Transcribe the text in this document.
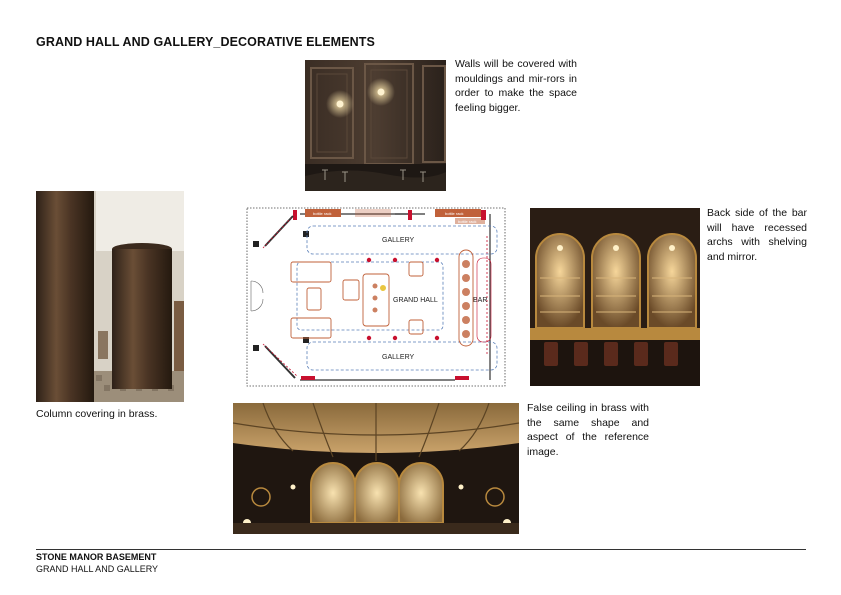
GRAND HALL AND GALLERY_DECORATIVE ELEMENTS
Walls will be covered with mouldings and mir-rors in order to make the space feeling bigger.
Column covering in brass.
bottle rack	bottle rack
bottle rack
GALLERY
GALLERY
GRAND HALL	BAR
Back side of the bar will have recessed archs with shelving and mirror.
False ceiling in brass with the same shape and aspect of the reference image.
STONE MANOR BASEMENT
GRAND HALL AND GALLERY
